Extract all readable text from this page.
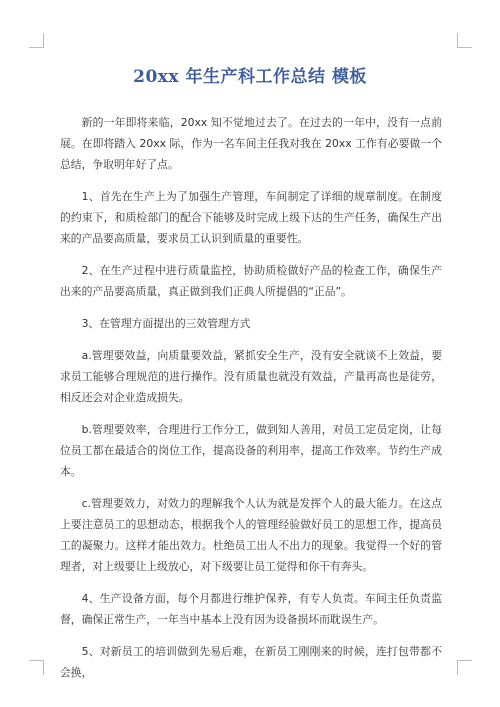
20xx 年生产科工作总结 模板

新的一年即将来临，20xx 知不觉地过去了。在过去的一年中，没有一点前展。在即将踏入 20xx 际，作为一名车间主任我对我在 20xx 工作有必要做一个总结，争取明年好了点。

1、首先在生产上为了加强生产管理，车间制定了详细的规章制度。在制度的约束下，和质检部门的配合下能够及时完成上级下达的生产任务，确保生产出来的产品要高质量，要求员工认识到质量的重要性。

2、在生产过程中进行质量监控，协助质检做好产品的检查工作，确保生产出来的产品要高质量，真正做到我们正典人所提倡的“正品”。

3、在管理方面提出的三效管理方式

a.管理要效益，向质量要效益，紧抓安全生产，没有安全就谈不上效益，要求员工能够合理规范的进行操作。没有质量也就没有效益，产量再高也是徒劳，相反还会对企业造成损失。

b.管理要效率，合理进行工作分工，做到知人善用，对员工定员定岗，让每位员工都在最适合的岗位工作，提高设备的利用率，提高工作效率。节约生产成本。

c.管理要效力，对效力的理解我个人认为就是发挥个人的最大能力。在这点上要注意员工的思想动态，根据我个人的管理经验做好员工的思想工作，提高员工的凝聚力。这样才能出效力。杜绝员工出人不出力的现象。我觉得一个好的管理者，对上级要让上级放心，对下级要让员工觉得和你干有奔头。

4、生产设备方面，每个月都进行维护保养，有专人负责。车间主任负责监督，确保正常生产，一年当中基本上没有因为设备损坏而耽误生产。

5、对新员工的培训做到先易后难，在新员工刚刚来的时候，连打包带都不会换，
